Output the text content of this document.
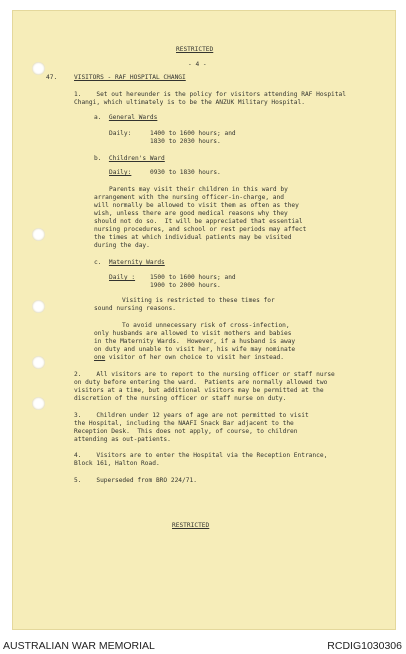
RESTRICTED
- 4 -
47.	VISITORS - RAF HOSPITAL CHANGI
1.    Set out hereunder is the policy for visitors attending RAF Hospital
Changi, which ultimately is to be the ANZUK Military Hospital.
a.  General Wards
Daily:     1400 to 1600 hours; and
1830 to 2030 hours.
b.  Children's Ward
Daily:     0930 to 1830 hours.
Parents may visit their children in this ward by
arrangement with the nursing officer-in-charge, and
will normally be allowed to visit them as often as they
wish, unless there are good medical reasons why they
should not do so.  It will be appreciated that essential
nursing procedures, and school or rest periods may affect
the times at which individual patients may be visited
during the day.
c.  Maternity Wards
Daily :    1500 to 1600 hours; and
1900 to 2000 hours.
Visiting is restricted to these times for
sound nursing reasons.
To avoid unnecessary risk of cross-infection,
only husbands are allowed to visit mothers and babies
in the Maternity Wards.  However, if a husband is away
on duty and unable to visit her, his wife may nominate
one visitor of her own choice to visit her instead.
2.    All visitors are to report to the nursing officer or staff nurse
on duty before entering the ward.  Patients are normally allowed two
visitors at a time, but additional visitors may be permitted at the
discretion of the nursing officer or staff nurse on duty.
3.    Children under 12 years of age are not permitted to visit
the Hospital, including the NAAFI Snack Bar adjacent to the
Reception Desk.  This does not apply, of course, to children
attending as out-patients.
4.    Visitors are to enter the Hospital via the Reception Entrance,
Block 161, Halton Road.
5.    Superseded from BRO 224/71.
RESTRICTED
AUSTRALIAN WAR MEMORIAL	RCDIG1030306
